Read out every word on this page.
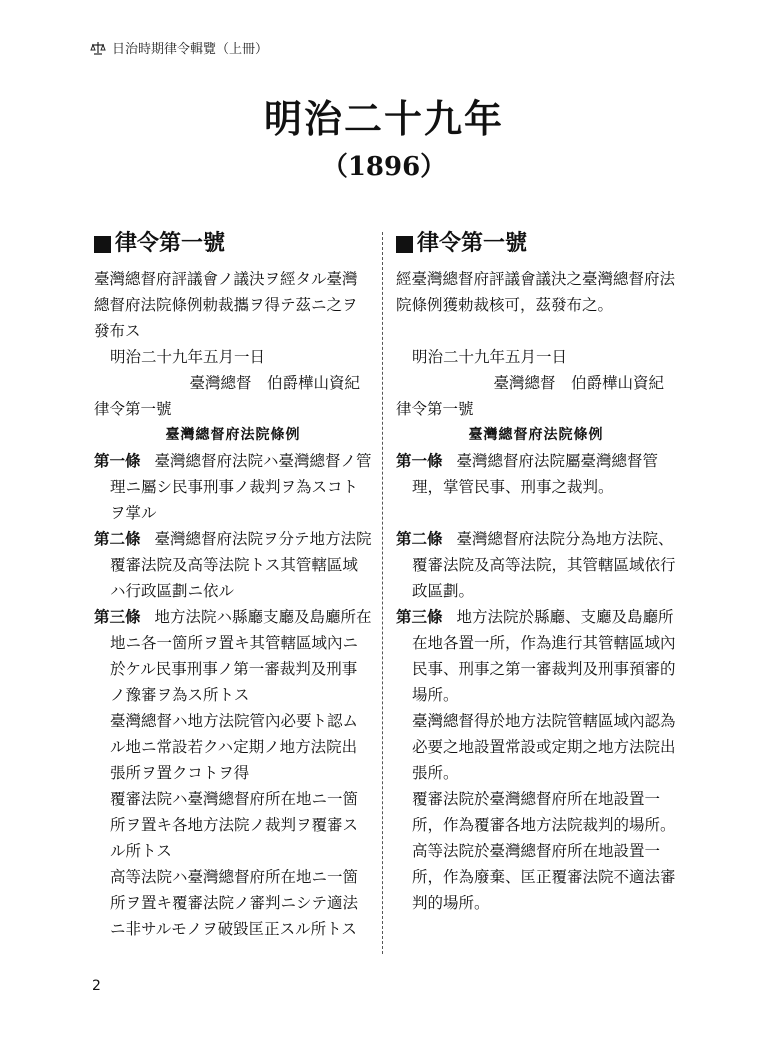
日治時期律令輯覽（上冊）
明治二十九年
（1896）
律令第一號

臺灣總督府評議會ノ議決ヲ經タル臺灣總督府法院條例勅裁攜ヲ得テ茲ニ之ヲ發布ス

明治二十九年五月一日
臺灣總督　伯爵樺山資紀
律令第一號
臺灣總督府法院條例
第一條 臺灣總督府法院ハ臺灣總督ノ管理ニ屬シ民事刑事ノ裁判ヲ為スコトヲ掌ル
第二條 臺灣總督府法院ヲ分テ地方法院覆審法院及高等法院トス其管轄區域ハ行政區劃ニ依ル
第三條 地方法院ハ縣廳支廳及島廳所在地ニ各一箇所ヲ置キ其管轄區域內ニ於ケル民事刑事ノ第一審裁判及刑事ノ豫審ヲ為ス所トス
臺灣總督ハ地方法院管內必要ト認ムル地ニ常設若クハ定期ノ地方法院出張所ヲ置クコトヲ得
覆審法院ハ臺灣總督府所在地ニ一箇所ヲ置キ各地方法院ノ裁判ヲ覆審スル所トス
高等法院ハ臺灣總督府所在地ニ一箇所ヲ置キ覆審法院ノ審判ニシテ適法ニ非サルモノヲ破毀匡正スル所トス
律令第一號

經臺灣總督府評議會議決之臺灣總督府法院條例獲勅裁核可，茲發布之。

明治二十九年五月一日
臺灣總督　伯爵樺山資紀
律令第一號
臺灣總督府法院條例
第一條 臺灣總督府法院屬臺灣總督管理，掌管民事、刑事之裁判。
第二條 臺灣總督府法院分為地方法院、覆審法院及高等法院，其管轄區域依行政區劃。
第三條 地方法院於縣廳、支廳及島廳所在地各置一所，作為進行其管轄區域內民事、刑事之第一審裁判及刑事預審的場所。
臺灣總督得於地方法院管轄區域內認為必要之地設置常設或定期之地方法院出張所。
覆審法院於臺灣總督府所在地設置一所，作為覆審各地方法院裁判的場所。
高等法院於臺灣總督府所在地設置一所，作為廢棄、匡正覆審法院不適法審判的場所。
2
